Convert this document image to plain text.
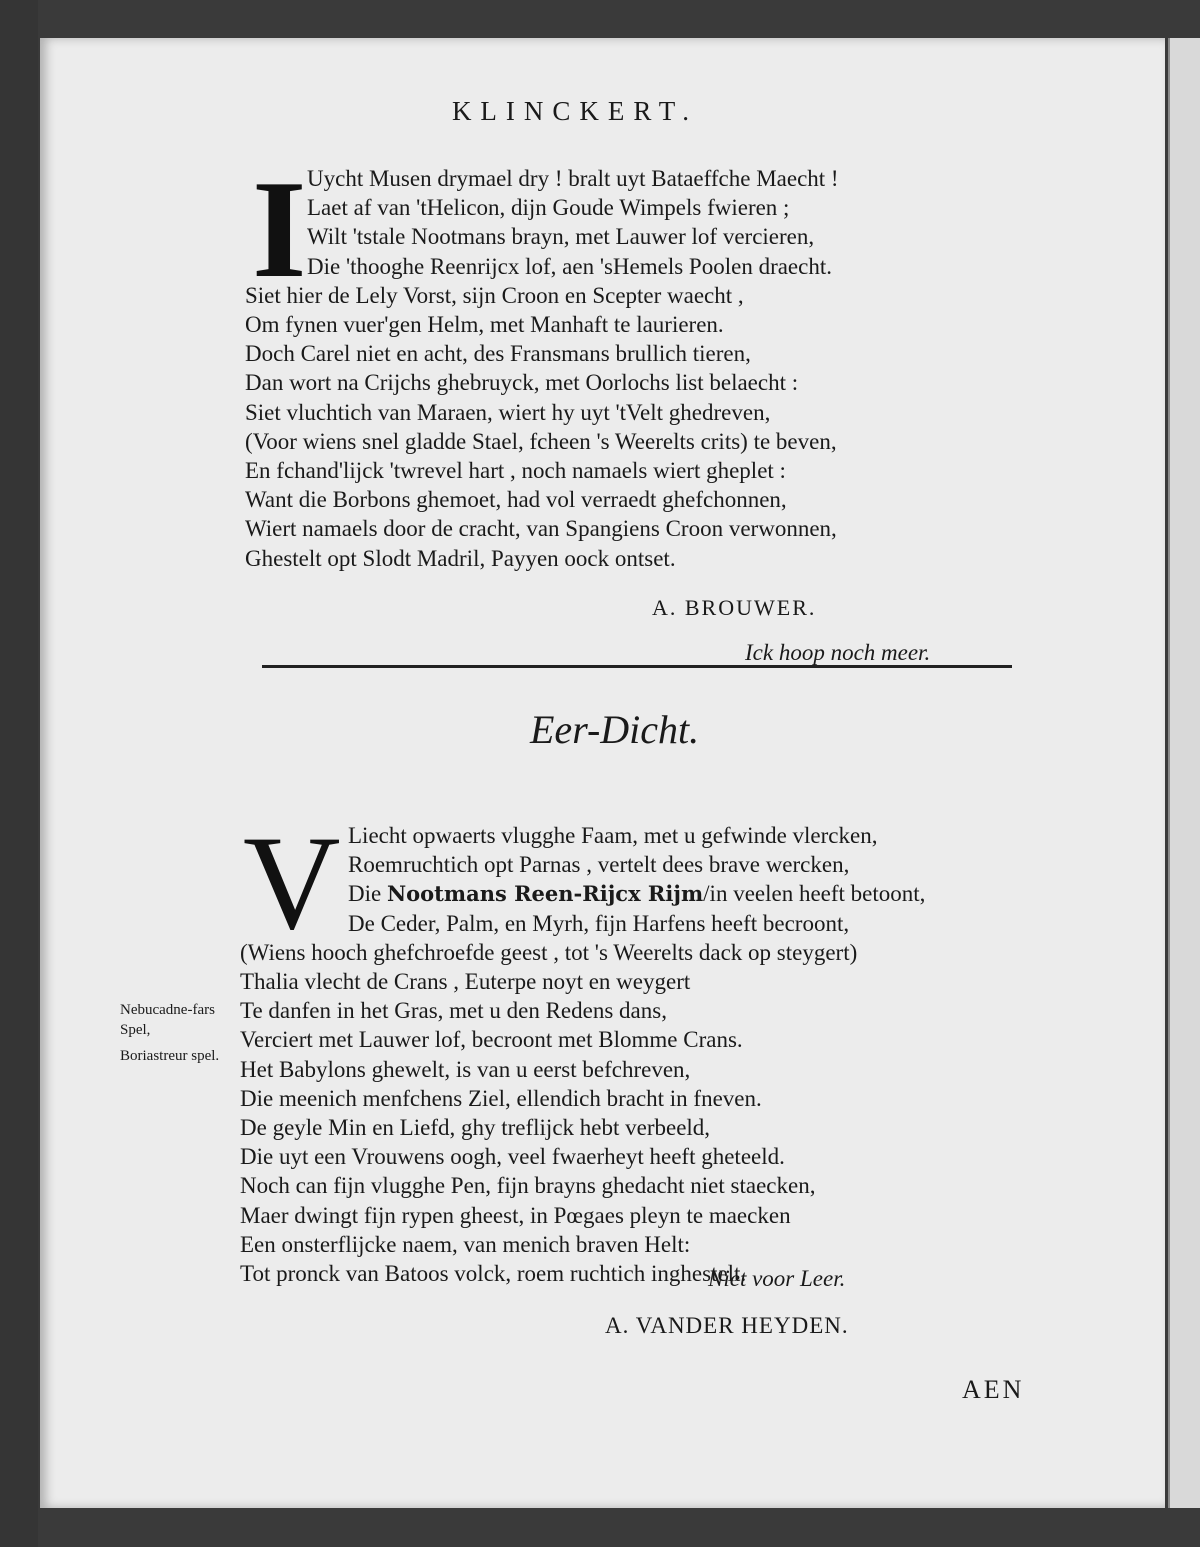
KLINCKERT.
I Uycht Musen drymael dry ! bralt uyt Bataeffche Maecht !
Laet af van 'tHelicon, dijn Goude Wimpels fwieren ;
Wilt 'tstale Nootmans brayn, met Lauwer lof vercieren,
Die 'thooghe Reenrijcx lof, aen 'sHemels Poolen draecht.
Siet hier de Lely Vorst, sijn Croon en Scepter waecht ,
Om fynen vuer'gen Helm, met Manhaft te laurieren.
Doch Carel niet en acht, des Fransmans brullich tieren,
Dan wort na Crijchs ghebruyck, met Oorlochs list belaecht :
Siet vluchtich van Maraen, wiert hy uyt 'tVelt ghedreven,
(Voor wiens snel gladde Stael, fcheen 's Weerelts crits) te beven,
En fchand'lijck 'twrevel hart , noch namaels wiert gheplet :
Want die Borbons ghemoet, had vol verraedt ghefchonnen,
Wiert namaels door de cracht, van Spangiens Croon verwonnen,
Ghestelt opt Slodt Madril, Payyen oock ontset.
A. BROUWER.
Ick hoop noch meer.
Eer-Dicht.
V Liecht opwaerts vlugghe Faam, met u gefwinde vlercken,
Roemruchtich opt Parnas , vertelt dees brave wercken,
Die Nootmans Reen-Rijcx Rijm/in veelen heeft betoont,
De Ceder, Palm, en Myrh, fijn Harfens heeft becroont,
(Wiens hooch ghefchroefde geest , tot 's Weerelts dack op steygert)
Thalia vlecht de Crans , Euterpe noyt en weygert
Te danfen in het Gras, met u den Redens dans,
Verciert met Lauwer lof, becroont met Blomme Crans.
Het Babylons ghewelt, is van u eerst befchreven,
Die meenich menfchens Ziel, ellendich bracht in fneven.
De geyle Min en Liefd, ghy treflijck hebt verbeeld,
Die uyt een Vrouwens oogh, veel fwaerheyt heeft gheteeld.
Noch can fijn vlugghe Pen, fijn brayns ghedacht niet staecken,
Maer dwingt fijn rypen gheest, in Pœgaes pleyn te maecken
Een onsterflijcke naem, van menich braven Helt:
Tot pronck van Batoos volck, roem ruchtich inghestelt.
Nebucadne-fars Spel,
Boriastreur spel.
Niet voor Leer.
A. VANDER HEYDEN.
AEN
